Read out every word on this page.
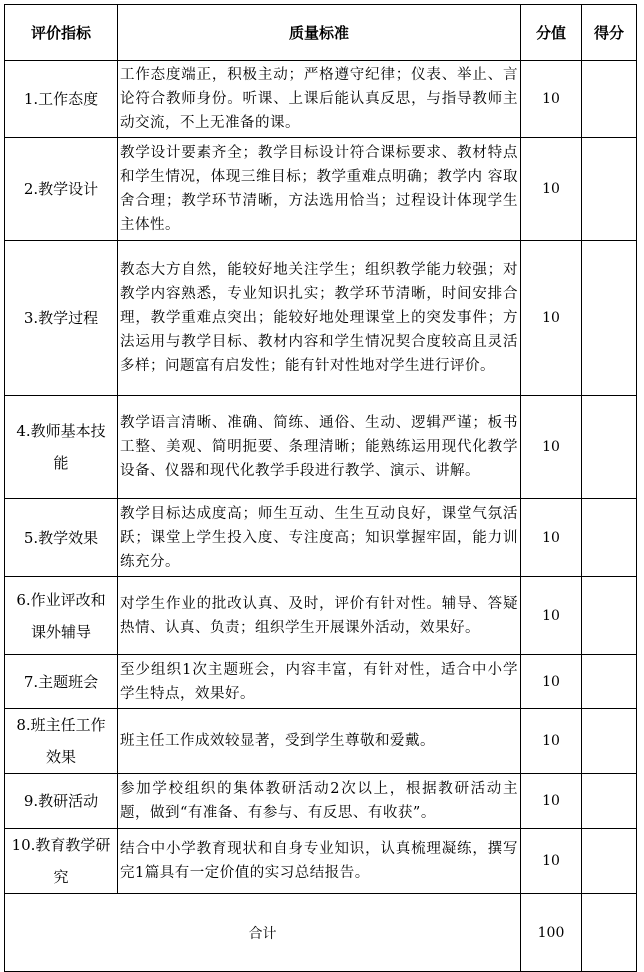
评价指标	质量标准	分值	得分
1.工作态度	工作态度端正，积极主动；严格遵守纪律；仪表、举止、言论符合教师身份。听课、上课后能认真反思，与指导教师主动交流，不上无准备的课。	10	
2.教学设计	教学设计要素齐全；教学目标设计符合课标要求、教材特点和学生情况，体现三维目标；教学重难点明确；教学内 容取舍合理；教学环节清晰，方法选用恰当；过程设计体现学生主体性。	10	
3.教学过程	教态大方自然，能较好地关注学生；组织教学能力较强；对教学内容熟悉，专业知识扎实；教学环节清晰，时间安排合理，教学重难点突出；能较好地处理课堂上的突发事件；方法运用与教学目标、教材内容和学生情况契合度较高且灵活多样；问题富有启发性；能有针对性地对学生进行评价。	10	
4.教师基本技能	教学语言清晰、准确、简练、通俗、生动、逻辑严谨；板书工整、美观、简明扼要、条理清晰；能熟练运用现代化教学设备、仪器和现代化教学手段进行教学、演示、讲解。	10	
5.教学效果	教学目标达成度高；师生互动、生生互动良好，课堂气氛活跃；课堂上学生投入度、专注度高；知识掌握牢固，能力训练充分。	10	
6.作业评改和课外辅导	对学生作业的批改认真、及时，评价有针对性。辅导、答疑热情、认真、负责；组织学生开展课外活动，效果好。	10	
7.主题班会	至少组织1次主题班会，内容丰富，有针对性，适合中小学学生特点，效果好。	10	
8.班主任工作效果	班主任工作成效较显著，受到学生尊敬和爱戴。	10	
9.教研活动	参加学校组织的集体教研活动2次以上，根据教研活动主题，做到“有准备、有参与、有反思、有收获”。	10	
10.教育教学研究	结合中小学教育现状和自身专业知识，认真梳理凝练，撰写完1篇具有一定价值的实习总结报告。	10	
合计		100	
